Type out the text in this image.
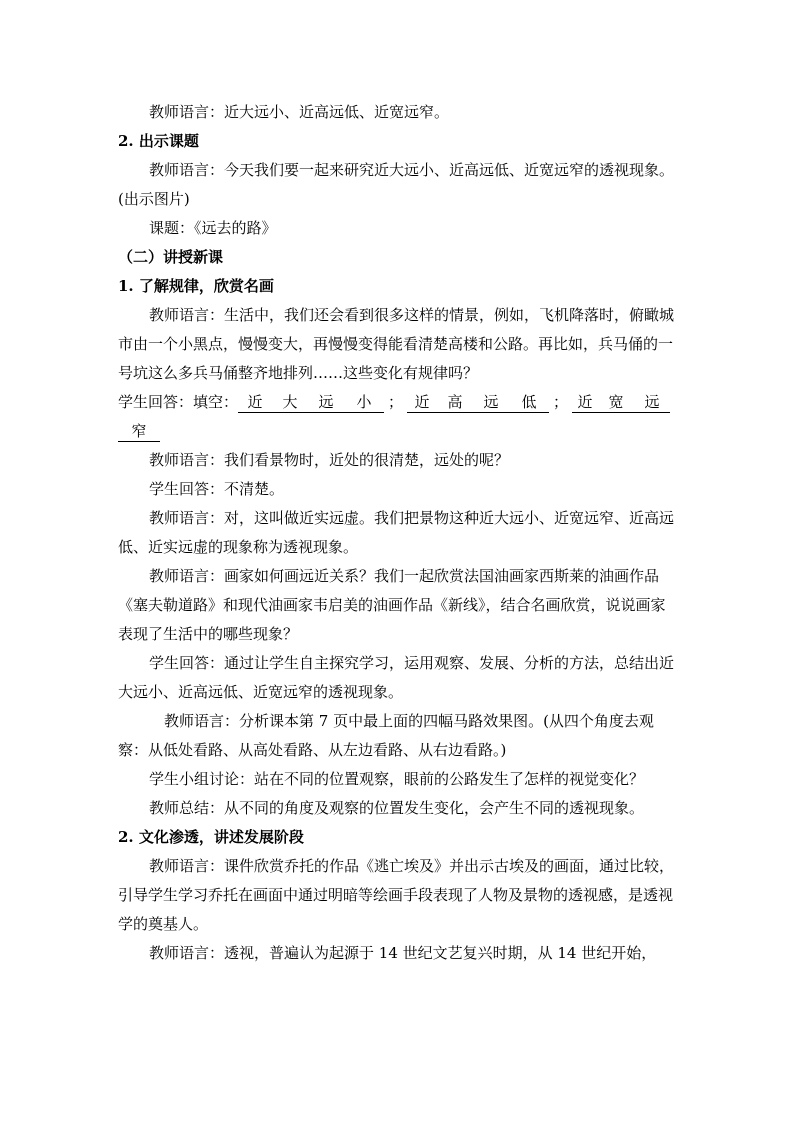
教师语言：近大远小、近高远低、近宽远窄。

2. 出示课题

教师语言：今天我们要一起来研究近大远小、近高远低、近宽远窄的透视现象。(出示图片)

课题：《远去的路》

（二）讲授新课

1. 了解规律，欣赏名画

教师语言：生活中，我们还会看到很多这样的情景，例如，飞机降落时，俯瞰城市由一个小黑点，慢慢变大，再慢慢变得能看清楚高楼和公路。再比如，兵马俑的一号坑这么多兵马俑整齐地排列……这些变化有规律吗？

学生回答：填空： 近 大 远 小 ； 近 高 远 低 ； 近 宽 远窄

教师语言：我们看景物时，近处的很清楚，远处的呢？

学生回答：不清楚。

教师语言：对，这叫做近实远虚。我们把景物这种近大远小、近宽远窄、近高远低、近实远虚的现象称为透视现象。

教师语言：画家如何画远近关系？我们一起欣赏法国油画家西斯莱的油画作品《塞夫勒道路》和现代油画家韦启美的油画作品《新线》，结合名画欣赏，说说画家表现了生活中的哪些现象？

学生回答：通过让学生自主探究学习，运用观察、发展、分析的方法，总结出近大远小、近高远低、近宽远窄的透视现象。

教师语言：分析课本第 7 页中最上面的四幅马路效果图。(从四个角度去观察：从低处看路、从高处看路、从左边看路、从右边看路。)

学生小组讨论：站在不同的位置观察，眼前的公路发生了怎样的视觉变化？

教师总结：从不同的角度及观察的位置发生变化，会产生不同的透视现象。

2. 文化渗透，讲述发展阶段

教师语言：课件欣赏乔托的作品《逃亡埃及》并出示古埃及的画面，通过比较，引导学生学习乔托在画面中通过明暗等绘画手段表现了人物及景物的透视感，是透视学的奠基人。

教师语言：透视，普遍认为起源于 14 世纪文艺复兴时期，从 14 世纪开始，
